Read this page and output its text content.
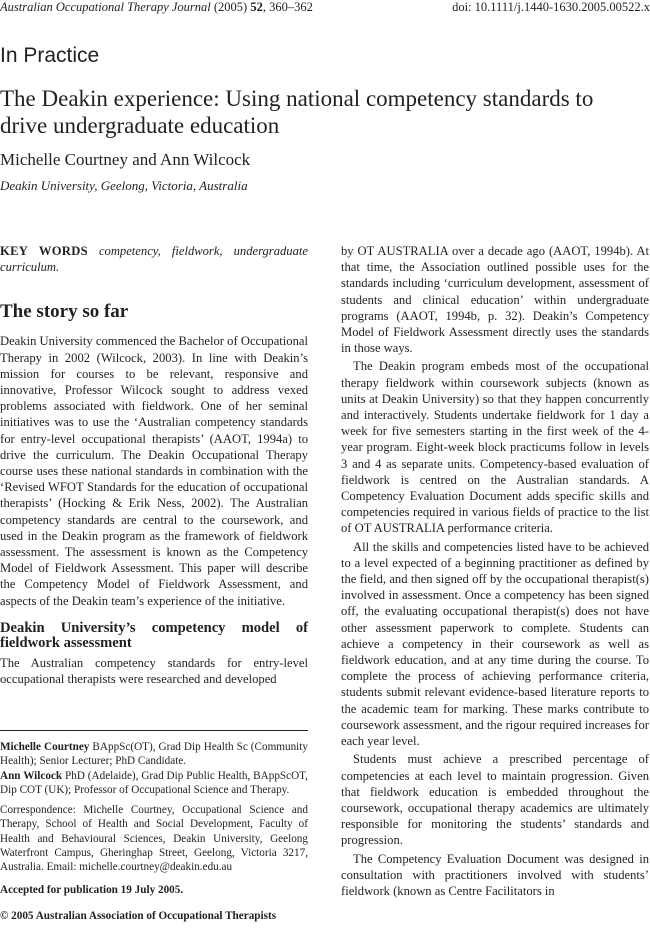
Australian Occupational Therapy Journal (2005) 52, 360–362	doi: 10.1111/j.1440-1630.2005.00522.x
In Practice
The Deakin experience: Using national competency standards to drive undergraduate education
Michelle Courtney and Ann Wilcock
Deakin University, Geelong, Victoria, Australia

KEY WORDS competency, fieldwork, undergraduate curriculum.

The story so far

Deakin University commenced the Bachelor of Occupational Therapy in 2002 (Wilcock, 2003). In line with Deakin’s mission for courses to be relevant, responsive and innovative, Professor Wilcock sought to address vexed problems associated with fieldwork. One of her seminal initiatives was to use the ‘Australian competency standards for entry-level occupational therapists’ (AAOT, 1994a) to drive the curriculum. The Deakin Occupational Therapy course uses these national standards in combination with the ‘Revised WFOT Standards for the education of occupational therapists’ (Hocking & Erik Ness, 2002). The Australian competency standards are central to the coursework, and used in the Deakin program as the framework of fieldwork assessment. The assessment is known as the Competency Model of Fieldwork Assessment. This paper will describe the Competency Model of Fieldwork Assessment, and aspects of the Deakin team’s experience of the initiative.

Deakin University’s competency model of fieldwork assessment

The Australian competency standards for entry-level occupational therapists were researched and developed

Michelle Courtney BAppSc(OT), Grad Dip Health Sc (Community Health); Senior Lecturer; PhD Candidate.
Ann Wilcock PhD (Adelaide), Grad Dip Public Health, BAppScOT, Dip COT (UK); Professor of Occupational Science and Therapy.

Correspondence: Michelle Courtney, Occupational Science and Therapy, School of Health and Social Development, Faculty of Health and Behavioural Sciences, Deakin University, Geelong Waterfront Campus, Gheringhap Street, Geelong, Victoria 3217, Australia. Email: michelle.courtney@deakin.edu.au

Accepted for publication 19 July 2005.

© 2005 Australian Association of Occupational Therapists

by OT AUSTRALIA over a decade ago (AAOT, 1994b). At that time, the Association outlined possible uses for the standards including ‘curriculum development, assessment of students and clinical education’ within undergraduate programs (AAOT, 1994b, p. 32). Deakin’s Competency Model of Fieldwork Assessment directly uses the standards in those ways.

The Deakin program embeds most of the occupational therapy fieldwork within coursework subjects (known as units at Deakin University) so that they happen concurrently and interactively. Students undertake fieldwork for 1 day a week for five semesters starting in the first week of the 4-year program. Eight-week block practicums follow in levels 3 and 4 as separate units. Competency-based evaluation of fieldwork is centred on the Australian standards. A Competency Evaluation Document adds specific skills and competencies required in various fields of practice to the list of OT AUSTRALIA performance criteria.

All the skills and competencies listed have to be achieved to a level expected of a beginning practitioner as defined by the field, and then signed off by the occupational therapist(s) involved in assessment. Once a competency has been signed off, the evaluating occupational therapist(s) does not have other assessment paperwork to complete. Students can achieve a competency in their coursework as well as fieldwork education, and at any time during the course. To complete the process of achieving performance criteria, students submit relevant evidence-based literature reports to the academic team for marking. These marks contribute to coursework assessment, and the rigour required increases for each year level.

Students must achieve a prescribed percentage of competencies at each level to maintain progression. Given that fieldwork education is embedded throughout the coursework, occupational therapy academics are ultimately responsible for monitoring the students’ standards and progression.

The Competency Evaluation Document was designed in consultation with practitioners involved with students’ fieldwork (known as Centre Facilitators in
